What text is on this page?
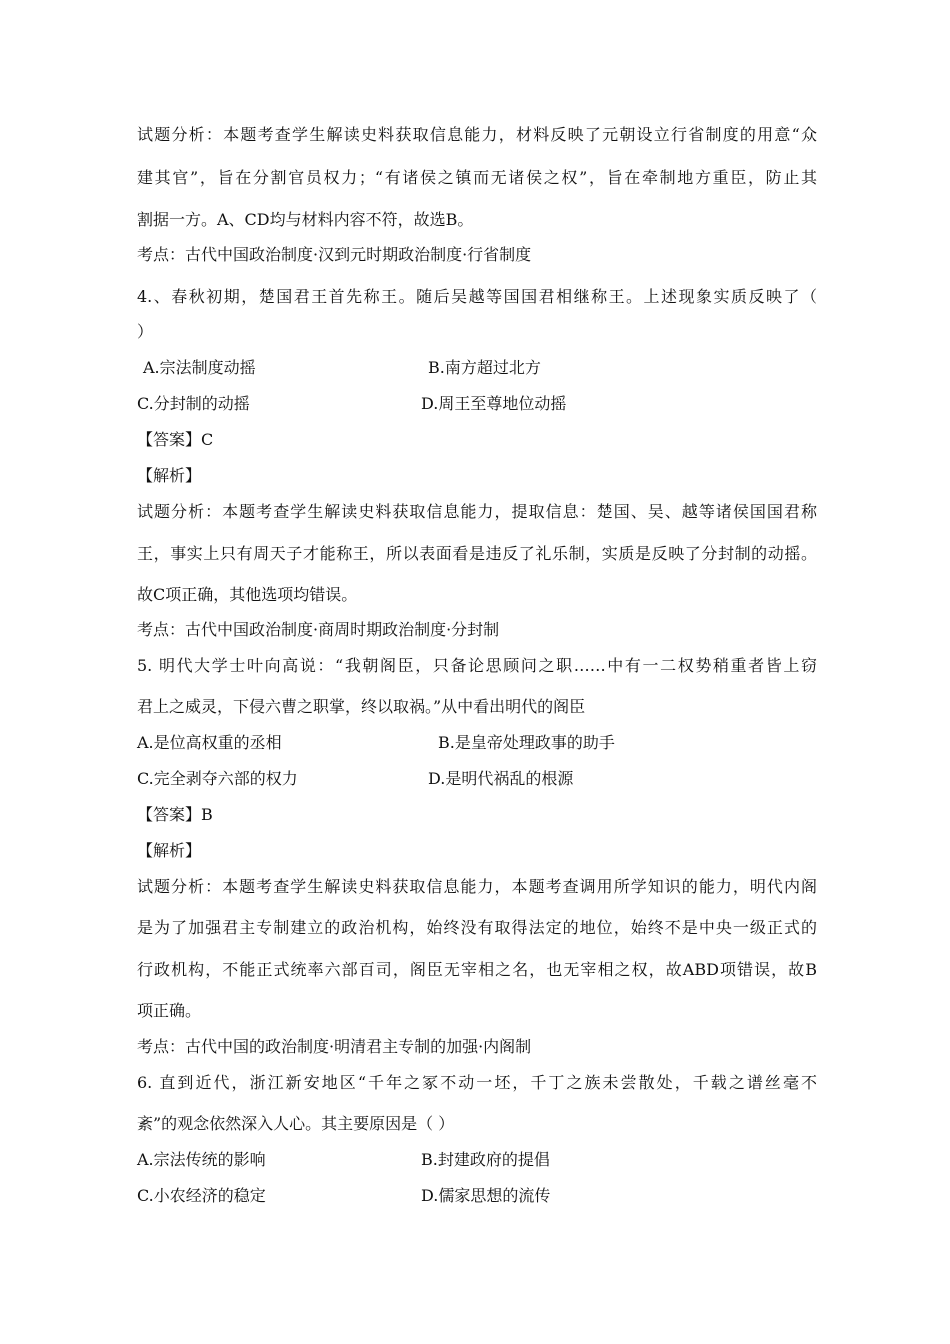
试题分析：本题考查学生解读史料获取信息能力，材料反映了元朝设立行省制度的用意“众
建其官”，旨在分割官员权力；“有诸侯之镇而无诸侯之权”，旨在牵制地方重臣，防止其
割据一方。A、CD均与材料内容不符，故选B。
考点：古代中国政治制度·汉到元时期政治制度·行省制度
4.、春秋初期，楚国君王首先称王。随后吴越等国国君相继称王。上述现象实质反映了（
）
A.宗法制度动摇	B.南方超过北方
C.分封制的动摇	D.周王至尊地位动摇
【答案】C
【解析】
试题分析：本题考查学生解读史料获取信息能力，提取信息：楚国、吴、越等诸侯国国君称
王，事实上只有周天子才能称王，所以表面看是违反了礼乐制，实质是反映了分封制的动摇。
故C项正确，其他选项均错误。
考点：古代中国政治制度·商周时期政治制度·分封制
5. 明代大学士叶向高说：“我朝阁臣，只备论思顾问之职……中有一二权势稍重者皆上窃
君上之威灵，下侵六曹之职掌，终以取祸。”从中看出明代的阁臣
A.是位高权重的丞相	B.是皇帝处理政事的助手
C.完全剥夺六部的权力	D.是明代祸乱的根源
【答案】B
【解析】
试题分析：本题考查学生解读史料获取信息能力，本题考查调用所学知识的能力，明代内阁
是为了加强君主专制建立的政治机构，始终没有取得法定的地位，始终不是中央一级正式的
行政机构，不能正式统率六部百司，阁臣无宰相之名，也无宰相之权，故ABD项错误，故B
项正确。
考点：古代中国的政治制度·明清君主专制的加强·内阁制
6. 直到近代，浙江新安地区“千年之冢不动一坯，千丁之族未尝散处，千载之谱丝毫不
紊”的观念依然深入人心。其主要原因是（ ）
A.宗法传统的影响	B.封建政府的提倡
C.小农经济的稳定	D.儒家思想的流传
